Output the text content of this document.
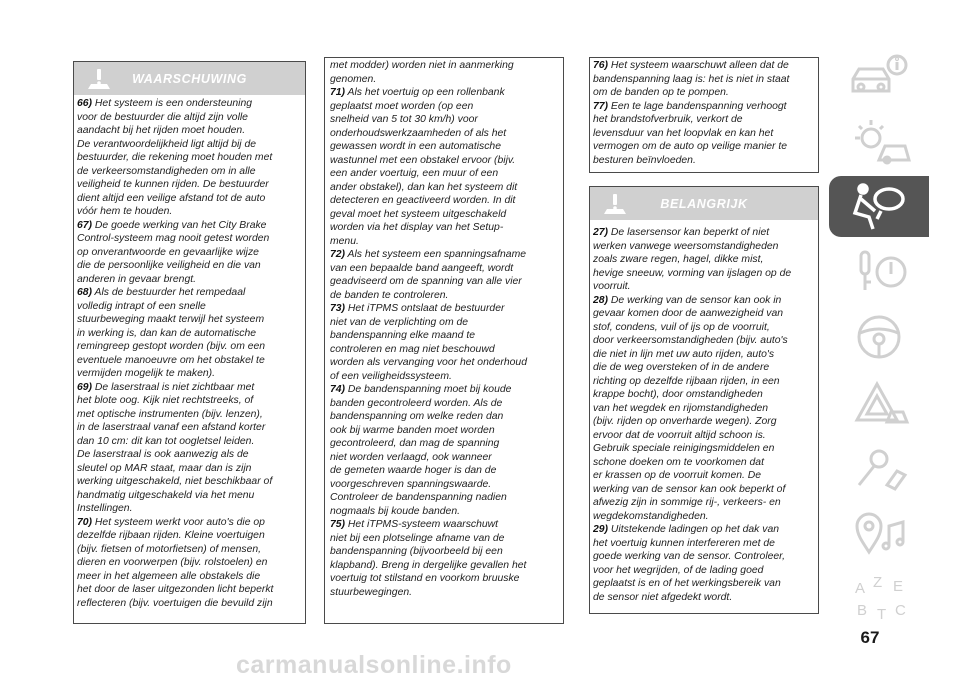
WAARSCHUWING
66) Het systeem is een ondersteuning
voor de bestuurder die altijd zijn volle
aandacht bij het rijden moet houden.
De verantwoordelijkheid ligt altijd bij de
bestuurder, die rekening moet houden met
de verkeersomstandigheden om in alle
veiligheid te kunnen rijden. De bestuurder
dient altijd een veilige afstand tot de auto
vóór hem te houden.
67) De goede werking van het City Brake
Control-systeem mag nooit getest worden
op onverantwoorde en gevaarlijke wijze
die de persoonlijke veiligheid en die van
anderen in gevaar brengt.
68) Als de bestuurder het rempedaal
volledig intrapt of een snelle
stuurbeweging maakt terwijl het systeem
in werking is, dan kan de automatische
remingreep gestopt worden (bijv. om een
eventuele manoeuvre om het obstakel te
vermijden mogelijk te maken).
69) De laserstraal is niet zichtbaar met
het blote oog. Kijk niet rechtstreeks, of
met optische instrumenten (bijv. lenzen),
in de laserstraal vanaf een afstand korter
dan 10 cm: dit kan tot oogletsel leiden.
De laserstraal is ook aanwezig als de
sleutel op MAR staat, maar dan is zijn
werking uitgeschakeld, niet beschikbaar of
handmatig uitgeschakeld via het menu
Instellingen.
70) Het systeem werkt voor auto's die op
dezelfde rijbaan rijden. Kleine voertuigen
(bijv. fietsen of motorfietsen) of mensen,
dieren en voorwerpen (bijv. rolstoelen) en
meer in het algemeen alle obstakels die
het door de laser uitgezonden licht beperkt
reflecteren (bijv. voertuigen die bevuild zijn
met modder) worden niet in aanmerking
genomen.
71) Als het voertuig op een rollenbank
geplaatst moet worden (op een
snelheid van 5 tot 30 km/h) voor
onderhoudswerkzaamheden of als het
gewassen wordt in een automatische
wastunnel met een obstakel ervoor (bijv.
een ander voertuig, een muur of een
ander obstakel), dan kan het systeem dit
detecteren en geactiveerd worden. In dit
geval moet het systeem uitgeschakeld
worden via het display van het Setup-
menu.
72) Als het systeem een spanningsafname
van een bepaalde band aangeeft, wordt
geadviseerd om de spanning van alle vier
de banden te controleren.
73) Het iTPMS ontslaat de bestuurder
niet van de verplichting om de
bandenspanning elke maand te
controleren en mag niet beschouwd
worden als vervanging voor het onderhoud
of een veiligheidssysteem.
74) De bandenspanning moet bij koude
banden gecontroleerd worden. Als de
bandenspanning om welke reden dan
ook bij warme banden moet worden
gecontroleerd, dan mag de spanning
niet worden verlaagd, ook wanneer
de gemeten waarde hoger is dan de
voorgeschreven spanningswaarde.
Controleer de bandenspanning nadien
nogmaals bij koude banden.
75) Het iTPMS-systeem waarschuwt
niet bij een plotselinge afname van de
bandenspanning (bijvoorbeeld bij een
klapband). Breng in dergelijke gevallen het
voertuig tot stilstand en voorkom bruuske
stuurbewegingen.
76) Het systeem waarschuwt alleen dat de
bandenspanning laag is: het is niet in staat
om de banden op te pompen.
77) Een te lage bandenspanning verhoogt
het brandstofverbruik, verkort de
levensduur van het loopvlak en kan het
vermogen om de auto op veilige manier te
besturen beïnvloeden.
BELANGRIJK
27) De lasersensor kan beperkt of niet
werken vanwege weersomstandigheden
zoals zware regen, hagel, dikke mist,
hevige sneeuw, vorming van ijslagen op de
voorruit.
28) De werking van de sensor kan ook in
gevaar komen door de aanwezigheid van
stof, condens, vuil of ijs op de voorruit,
door verkeersomstandigheden (bijv. auto's
die niet in lijn met uw auto rijden, auto's
die de weg oversteken of in de andere
richting op dezelfde rijbaan rijden, in een
krappe bocht), door omstandigheden
van het wegdek en rijomstandigheden
(bijv. rijden op onverharde wegen). Zorg
ervoor dat de voorruit altijd schoon is.
Gebruik speciale reinigingsmiddelen en
schone doeken om te voorkomen dat
er krassen op de voorruit komen. De
werking van de sensor kan ook beperkt of
afwezig zijn in sommige rij-, verkeers- en
wegdekomstandigheden.
29) Uitstekende ladingen op het dak van
het voertuig kunnen interfereren met de
goede werking van de sensor. Controleer,
voor het wegrijden, of de lading goed
geplaatst is en of het werkingsbereik van
de sensor niet afgedekt wordt.
A Z E
B T C
67
carmanualsonline.info
